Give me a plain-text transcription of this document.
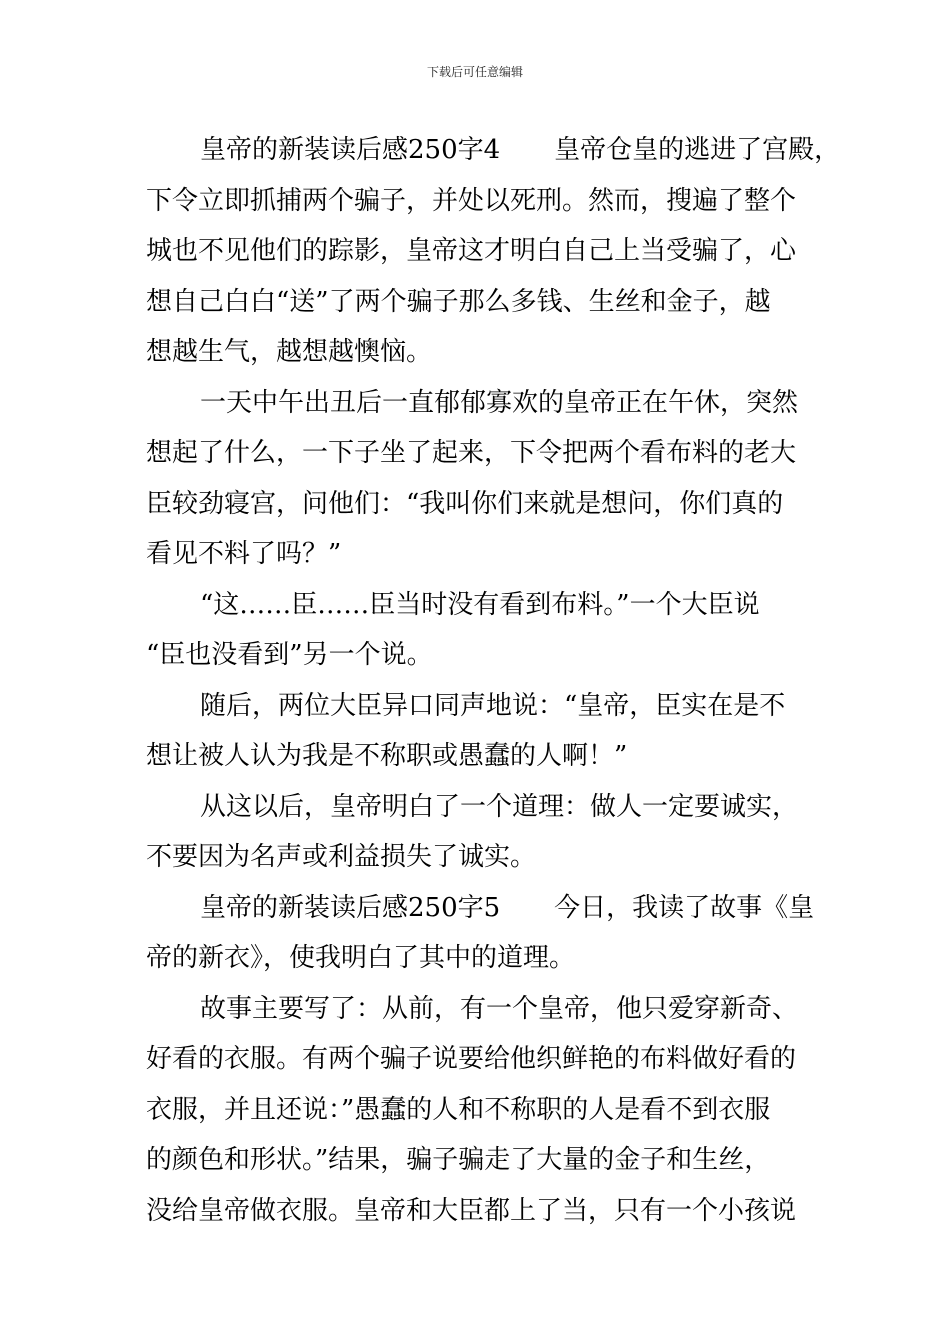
下载后可任意编辑
皇帝的新装读后感250字4 皇帝仓皇的逃进了宫殿，
下令立即抓捕两个骗子，并处以死刑。然而，搜遍了整个
城也不见他们的踪影，皇帝这才明白自己上当受骗了，心
想自己白白“送”了两个骗子那么多钱、生丝和金子，越
想越生气，越想越懊恼。
一天中午出丑后一直郁郁寡欢的皇帝正在午休，突然
想起了什么，一下子坐了起来，下令把两个看布料的老大
臣较劲寝宫，问他们：“我叫你们来就是想问，你们真的
看见不料了吗？”
“这……臣……臣当时没有看到布料。”一个大臣说
“臣也没看到”另一个说。
随后，两位大臣异口同声地说：“皇帝，臣实在是不
想让被人认为我是不称职或愚蠢的人啊！”
从这以后，皇帝明白了一个道理：做人一定要诚实，
不要因为名声或利益损失了诚实。
皇帝的新装读后感250字5 今日，我读了故事《皇
帝的新衣》，使我明白了其中的道理。
故事主要写了：从前，有一个皇帝，他只爱穿新奇、
好看的衣服。有两个骗子说要给他织鲜艳的布料做好看的
衣服，并且还说：”愚蠢的人和不称职的人是看不到衣服
的颜色和形状。”结果，骗子骗走了大量的金子和生丝，
没给皇帝做衣服。皇帝和大臣都上了当，只有一个小孩说
